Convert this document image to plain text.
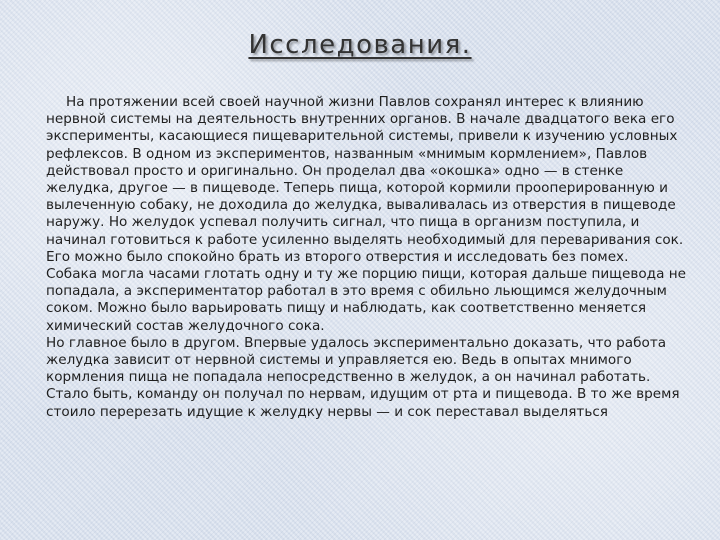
Исследования.

На протяжении всей своей научной жизни Павлов сохранял интерес к влиянию нервной системы на деятельность внутренних органов. В начале двадцатого века его эксперименты, касающиеся пищеварительной системы, привели к изучению условных рефлексов. В одном из экспериментов, названным «мнимым кормлением», Павлов действовал просто и оригинально. Он проделал два «окошка» одно — в стенке желудка, другое — в пищеводе. Теперь пища, которой кормили прооперированную и вылеченную собаку, не доходила до желудка, вываливалась из отверстия в пищеводе наружу. Но желудок успевал получить сигнал, что пища в организм поступила, и начинал готовиться к работе усиленно выделять необходимый для переваривания сок. Его можно было спокойно брать из второго отверстия и исследовать без помех.

Собака могла часами глотать одну и ту же порцию пищи, которая дальше пищевода не попадала, а экспериментатор работал в это время с обильно льющимся желудочным соком. Можно было варьировать пищу и наблюдать, как соответственно меняется химический состав желудочного сока.

Но главное было в другом. Впервые удалось экспериментально доказать, что работа желудка зависит от нервной системы и управляется ею. Ведь в опытах мнимого кормления пища не попадала непосредственно в желудок, а он начинал работать. Стало быть, команду он получал по нервам, идущим от рта и пищевода. В то же время стоило перерезать идущие к желудку нервы — и сок переставал выделяться
